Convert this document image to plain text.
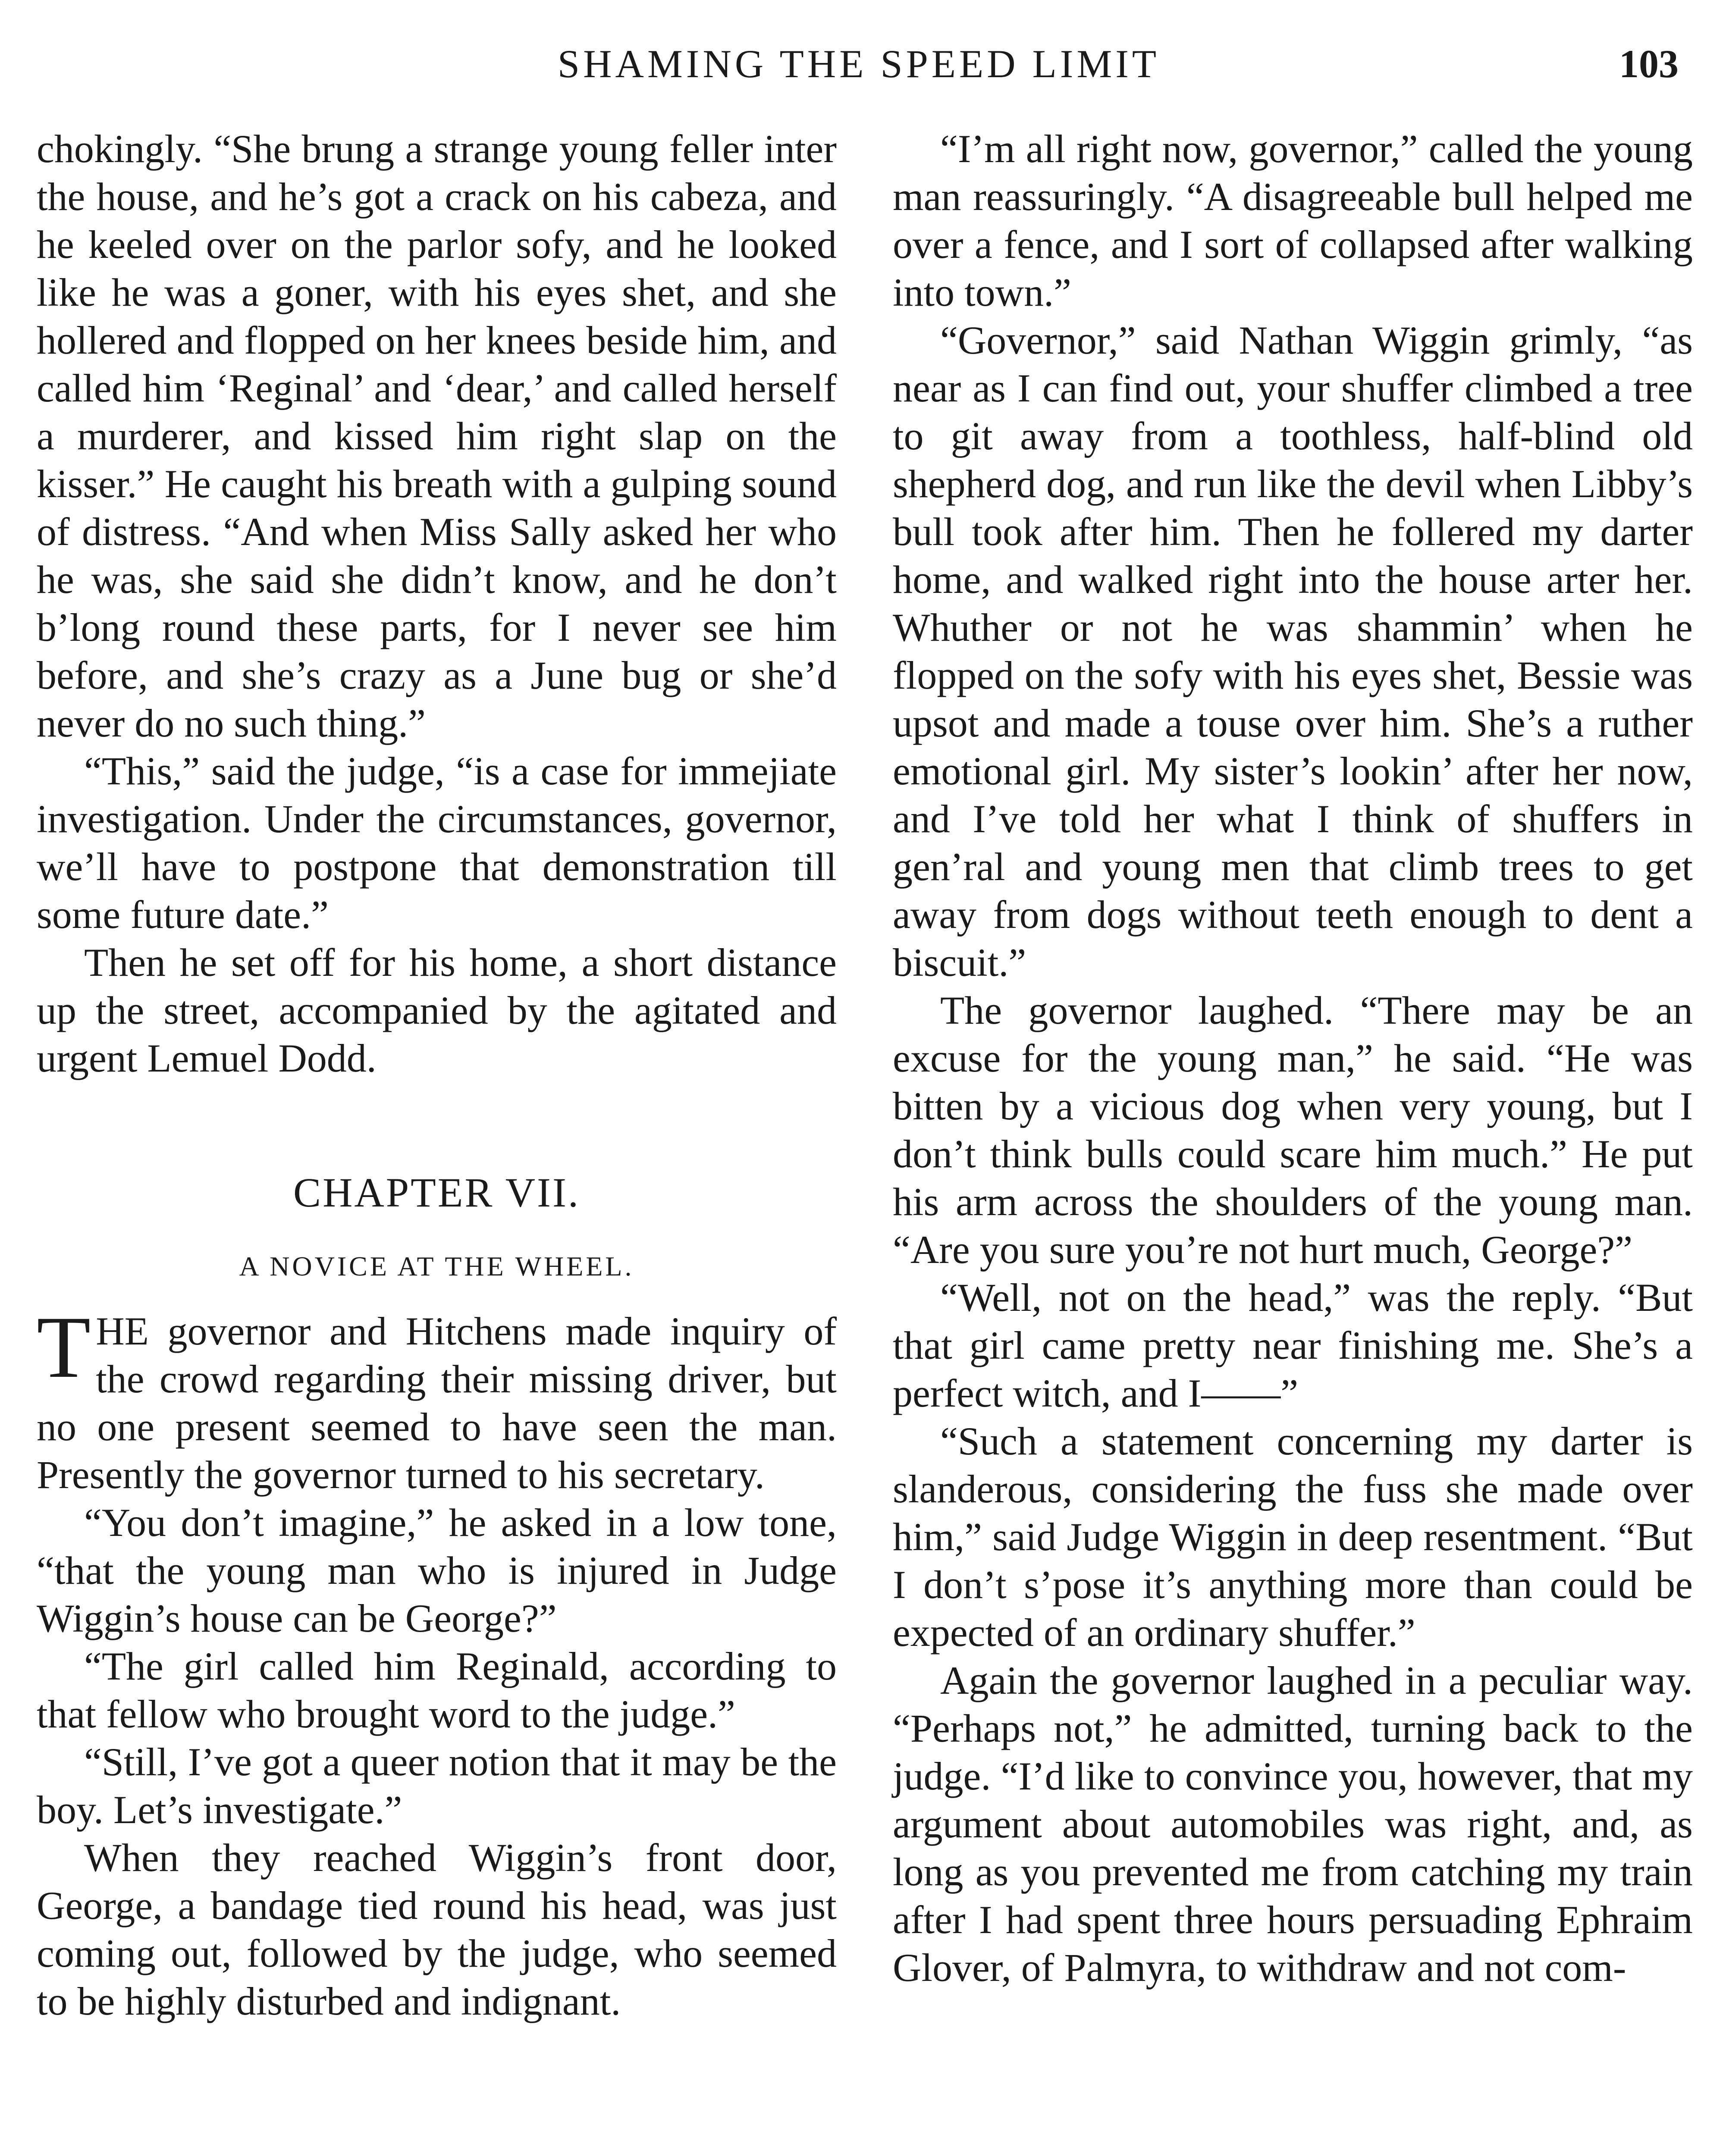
SHAMING THE SPEED LIMIT	103

chokingly. “She brung a strange young feller inter the house, and he’s got a crack on his cabeza, and he keeled over on the parlor sofy, and he looked like he was a goner, with his eyes shet, and she hollered and flopped on her knees beside him, and called him ‘Reginal’ and ‘dear,’ and called herself a murderer, and kissed him right slap on the kisser.” He caught his breath with a gulping sound of distress. “And when Miss Sally asked her who he was, she said she didn’t know, and he don’t b’long round these parts, for I never see him before, and she’s crazy as a June bug or she’d never do no such thing.”

“This,” said the judge, “is a case for immejiate investigation. Under the circumstances, governor, we’ll have to postpone that demonstration till some future date.”

Then he set off for his home, a short distance up the street, accompanied by the agitated and urgent Lemuel Dodd.

CHAPTER VII.
A NOVICE AT THE WHEEL.

T HE governor and Hitchens made inquiry of the crowd regarding their missing driver, but no one present seemed to have seen the man. Presently the governor turned to his secretary.

“You don’t imagine,” he asked in a low tone, “that the young man who is injured in Judge Wiggin’s house can be George?”

“The girl called him Reginald, according to that fellow who brought word to the judge.”

“Still, I’ve got a queer notion that it may be the boy. Let’s investigate.”

When they reached Wiggin’s front door, George, a bandage tied round his head, was just coming out, followed by the judge, who seemed to be highly disturbed and indignant.

“I’m all right now, governor,” called the young man reassuringly. “A disagreeable bull helped me over a fence, and I sort of collapsed after walking into town.”

“Governor,” said Nathan Wiggin grimly, “as near as I can find out, your shuffer climbed a tree to git away from a toothless, half-blind old shepherd dog, and run like the devil when Libby’s bull took after him. Then he follered my darter home, and walked right into the house arter her. Whuther or not he was shammin’ when he flopped on the sofy with his eyes shet, Bessie was upsot and made a touse over him. She’s a ruther emotional girl. My sister’s lookin’ after her now, and I’ve told her what I think of shuffers in gen’ral and young men that climb trees to get away from dogs without teeth enough to dent a biscuit.”

The governor laughed. “There may be an excuse for the young man,” he said. “He was bitten by a vicious dog when very young, but I don’t think bulls could scare him much.” He put his arm across the shoulders of the young man. “Are you sure you’re not hurt much, George?”

“Well, not on the head,” was the reply. “But that girl came pretty near finishing me. She’s a perfect witch, and I——”

“Such a statement concerning my darter is slanderous, considering the fuss she made over him,” said Judge Wiggin in deep resentment. “But I don’t s’pose it’s anything more than could be expected of an ordinary shuffer.”

Again the governor laughed in a peculiar way. “Perhaps not,” he admitted, turning back to the judge. “I’d like to convince you, however, that my argument about automobiles was right, and, as long as you prevented me from catching my train after I had spent three hours persuading Ephraim Glover, of Palmyra, to withdraw and not com-
